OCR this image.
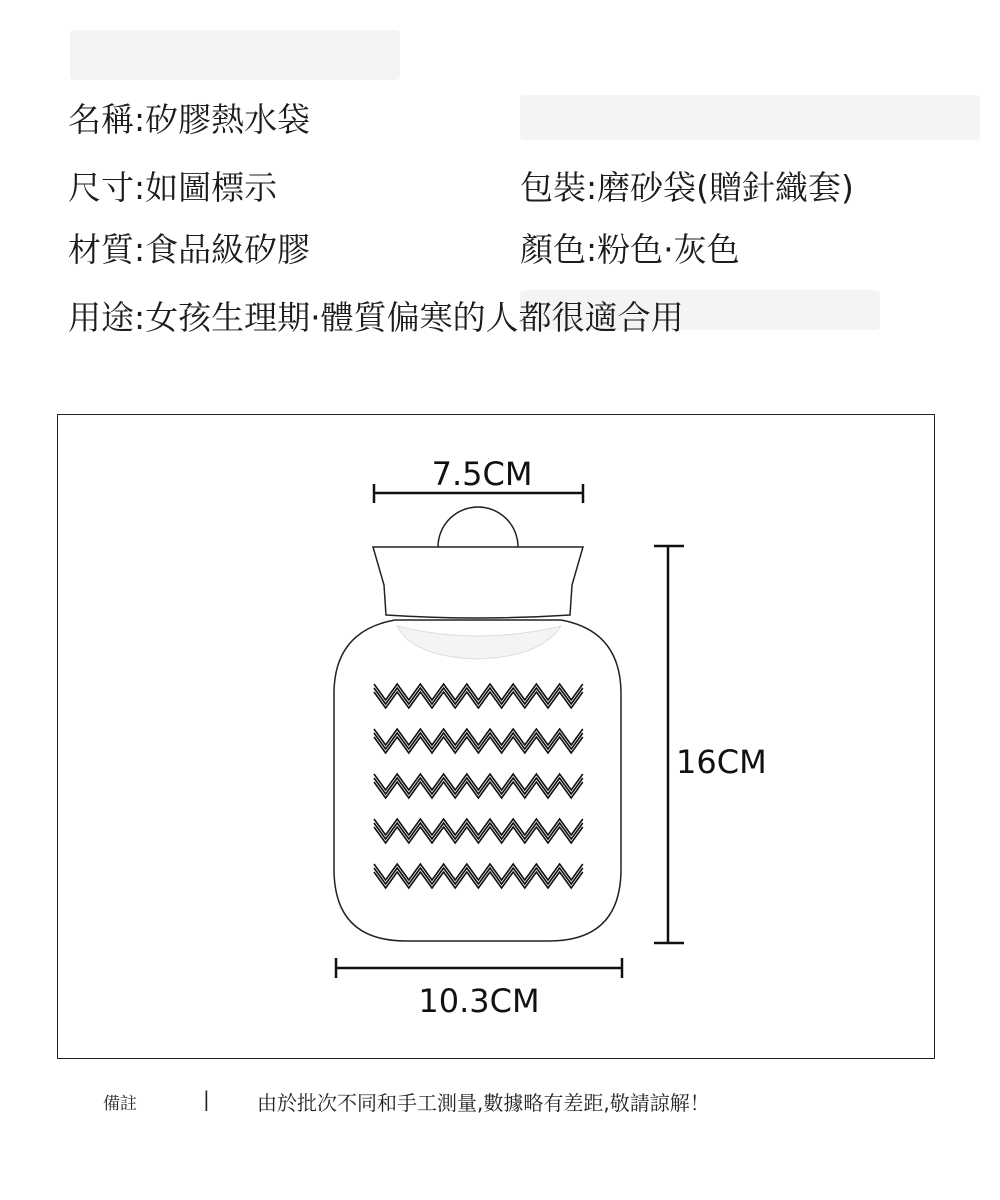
名稱:矽膠熱水袋
尺寸:如圖標示	包裝:磨砂袋(贈針織套)
材質:食品級矽膠	顏色:粉色·灰色
用途:女孩生理期·體質偏寒的人都很適合用
7.5CM
16CM
10.3CM
備註	| 由於批次不同和手工測量,數據略有差距,敬請諒解！
